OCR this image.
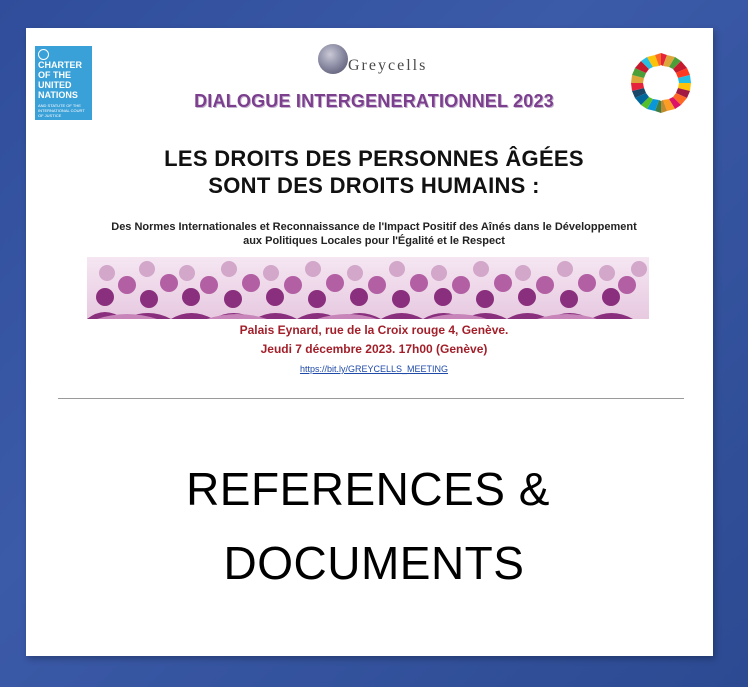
CHARTER OF THE UNITED NATIONS
AND STATUTE OF THE INTERNATIONAL COURT OF JUSTICE
Greycells
DIALOGUE INTERGENERATIONNEL 2023
LES DROITS DES PERSONNES ÂGÉES
SONT DES DROITS HUMAINS :
Des Normes Internationales et Reconnaissance de l'Impact Positif des Aînés dans le Développement
aux Politiques Locales pour l'Égalité et le Respect
Palais Eynard, rue de la Croix rouge 4, Genève.
Jeudi 7 décembre 2023. 17h00 (Genève)
https://bit.ly/GREYCELLS_MEETING
REFERENCES &
DOCUMENTS
